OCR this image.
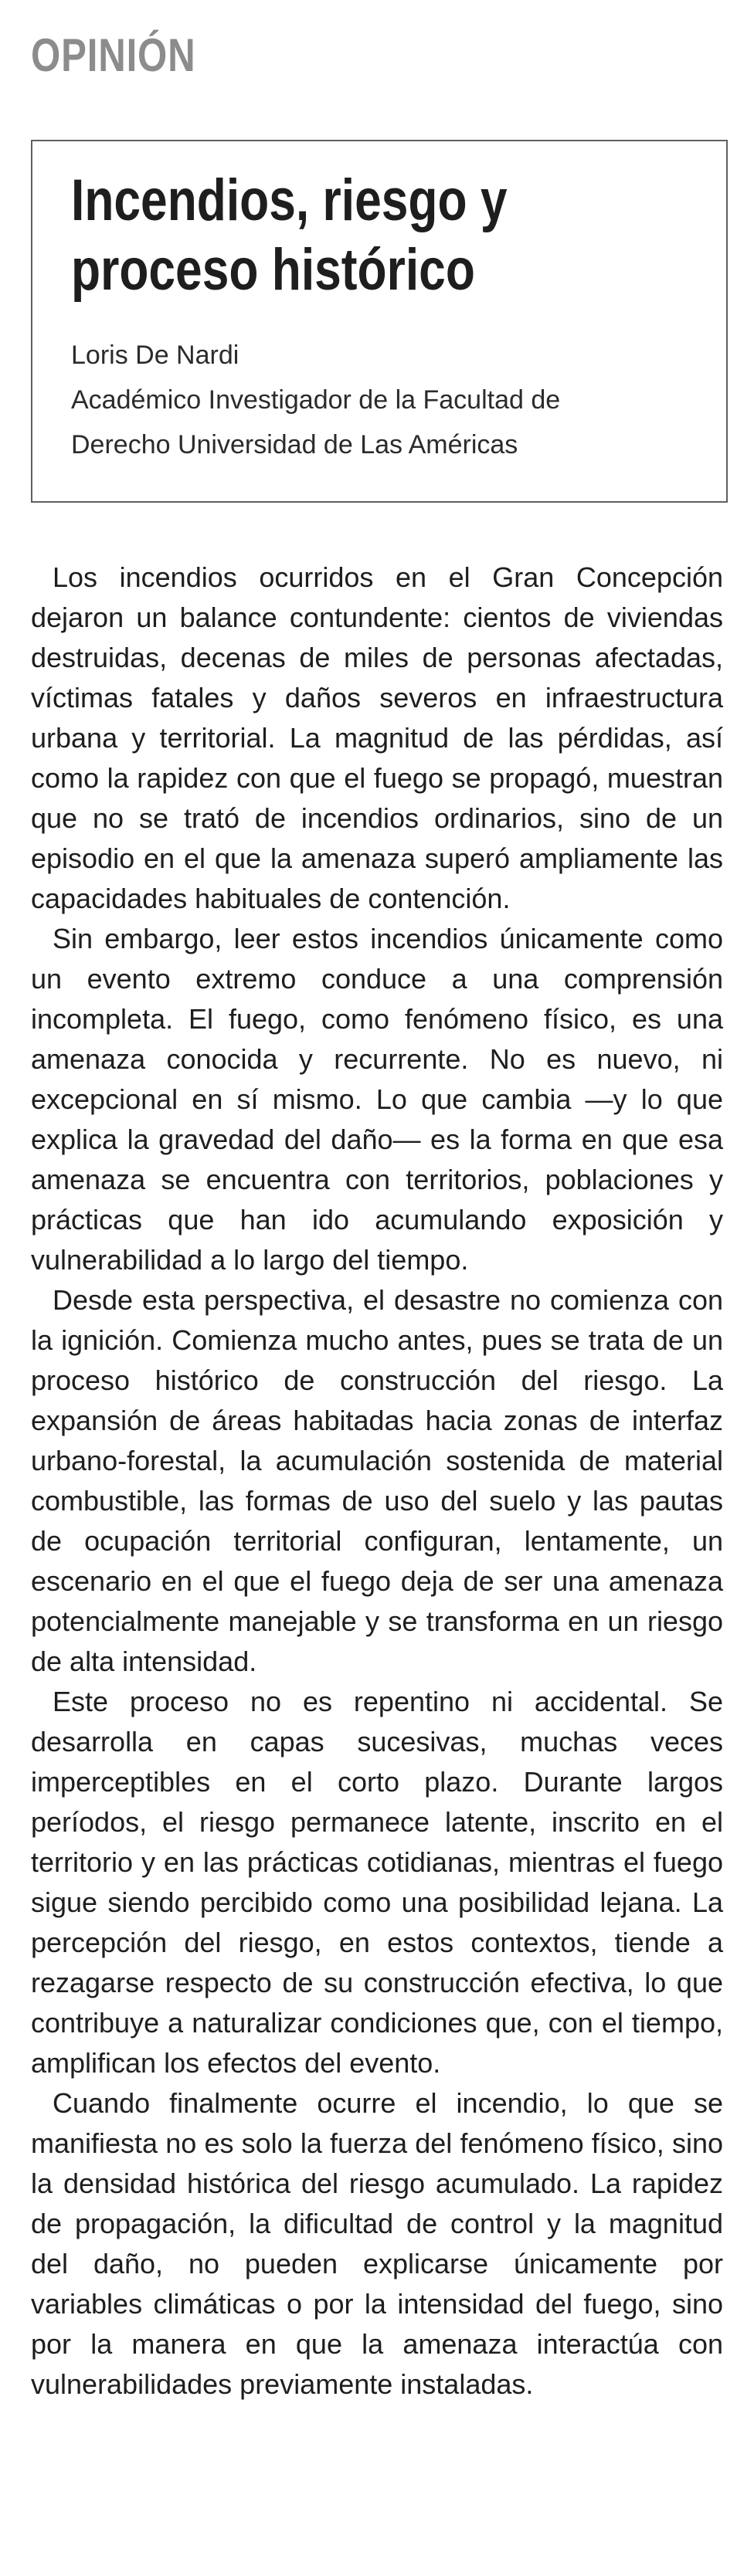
OPINIÓN
Incendios, riesgo y
proceso histórico
Loris De Nardi
Académico Investigador de la Facultad de
Derecho Universidad de Las Américas

Los incendios ocurridos en el Gran Concepción dejaron un balance contundente: cientos de viviendas destruidas, decenas de miles de personas afectadas, víctimas fatales y daños severos en infraestructura urbana y territorial. La magnitud de las pérdidas, así como la rapidez con que el fuego se propagó, muestran que no se trató de incendios ordinarios, sino de un episodio en el que la amenaza superó ampliamente las capacidades habituales de contención.

Sin embargo, leer estos incendios únicamente como un evento extremo conduce a una comprensión incompleta. El fuego, como fenómeno físico, es una amenaza conocida y recurrente. No es nuevo, ni excepcional en sí mismo. Lo que cambia —y lo que explica la gravedad del daño— es la forma en que esa amenaza se encuentra con territorios, poblaciones y prácticas que han ido acumulando exposición y vulnerabilidad a lo largo del tiempo.

Desde esta perspectiva, el desastre no comienza con la ignición. Comienza mucho antes, pues se trata de un proceso histórico de construcción del riesgo. La expansión de áreas habitadas hacia zonas de interfaz urbano-forestal, la acumulación sostenida de material combustible, las formas de uso del suelo y las pautas de ocupación territorial configuran, lentamente, un escenario en el que el fuego deja de ser una amenaza potencialmente manejable y se transforma en un riesgo de alta intensidad.

Este proceso no es repentino ni accidental. Se desarrolla en capas sucesivas, muchas veces imperceptibles en el corto plazo. Durante largos períodos, el riesgo permanece latente, inscrito en el territorio y en las prácticas cotidianas, mientras el fuego sigue siendo percibido como una posibilidad lejana. La percepción del riesgo, en estos contextos, tiende a rezagarse respecto de su construcción efectiva, lo que contribuye a naturalizar condiciones que, con el tiempo, amplifican los efectos del evento.

Cuando finalmente ocurre el incendio, lo que se manifiesta no es solo la fuerza del fenómeno físico, sino la densidad histórica del riesgo acumulado. La rapidez de propagación, la dificultad de control y la magnitud del daño, no pueden explicarse únicamente por variables climáticas o por la intensidad del fuego, sino por la manera en que la amenaza interactúa con vulnerabilidades previamente instaladas.
